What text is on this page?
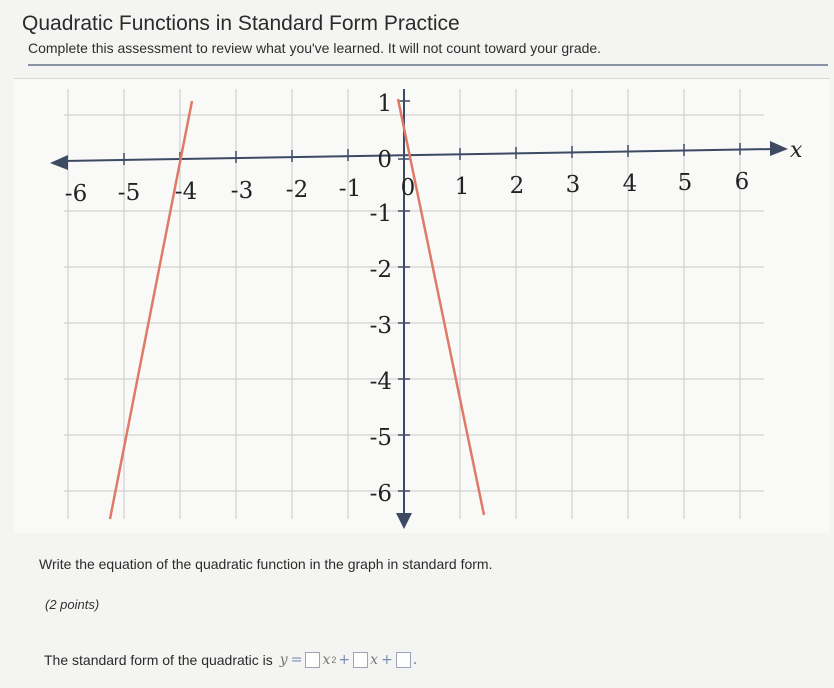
Quadratic Functions in Standard Form Practice

Complete this assessment to review what you've learned. It will not count toward your grade.

-6 -5 -4 -3 -2 -1 0 1 2 3 4 5 6
1
0
-1
-2
-3
-4
-5
-6
x

Write the equation of the quadratic function in the graph in standard form.

(2 points)

The standard form of the quadratic is y = x 2 + x + .
